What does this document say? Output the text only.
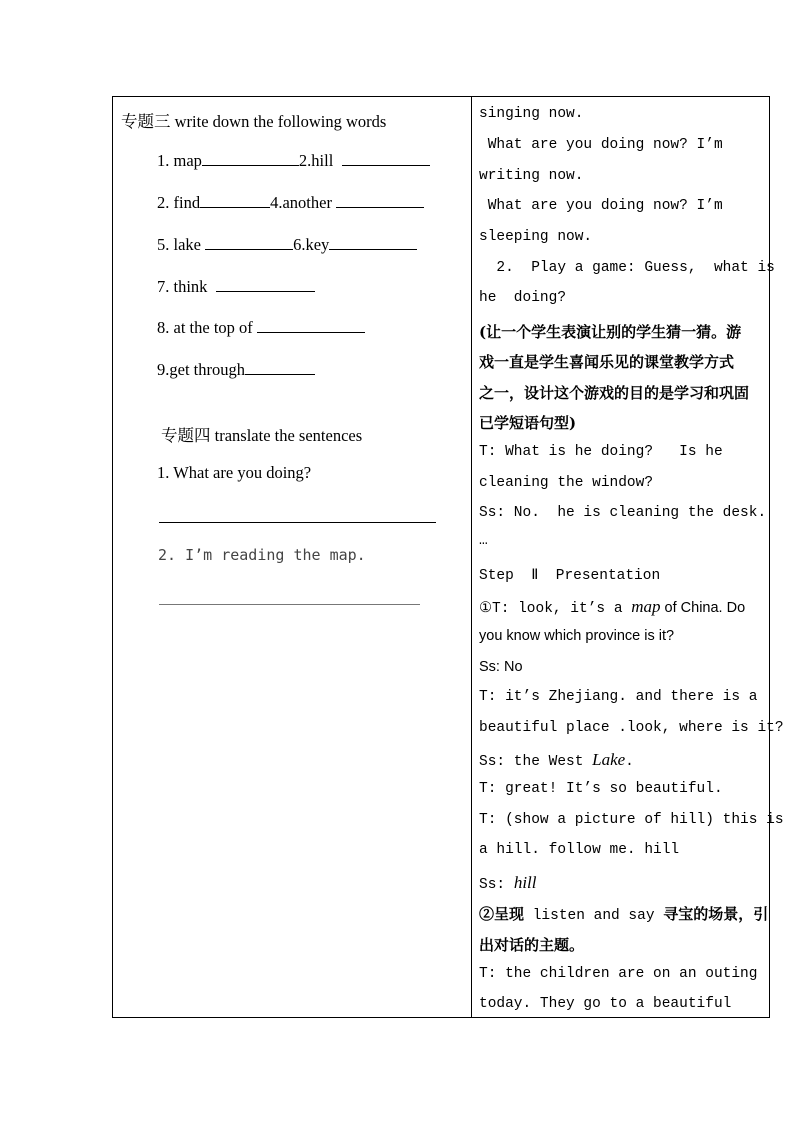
专题三 write down the following words
1. map	2.hill
2. find	4.another
5. lake	6.key
7. think
8. at the top of
9.get through
专题四 translate the sentences
1. What are you doing?
2. I’m reading the map.
singing now.
What are you doing now? I’m
writing now.
What are you doing now? I’m
sleeping now.
2.  Play a game: Guess,  what is
he  doing?
(让一个学生表演让别的学生猜一猜。游
戏一直是学生喜闻乐见的课堂教学方式
之一，设计这个游戏的目的是学习和巩固
已学短语句型)
T: What is he doing?   Is he
cleaning the window?
Ss: No.  he is cleaning the desk.
…
Step  Ⅱ  Presentation
①T: look, it’s a map of China. Do
you know which province is it?
Ss: No
T: it’s Zhejiang. and there is a
beautiful place .look, where is it?
Ss: the West Lake.
T: great! It’s so beautiful.
T: (show a picture of hill) this is
a hill. follow me. hill
Ss: hill
②呈现 listen and say 寻宝的场景，引
出对话的主题。
T: the children are on an outing
today. They go to a beautiful
